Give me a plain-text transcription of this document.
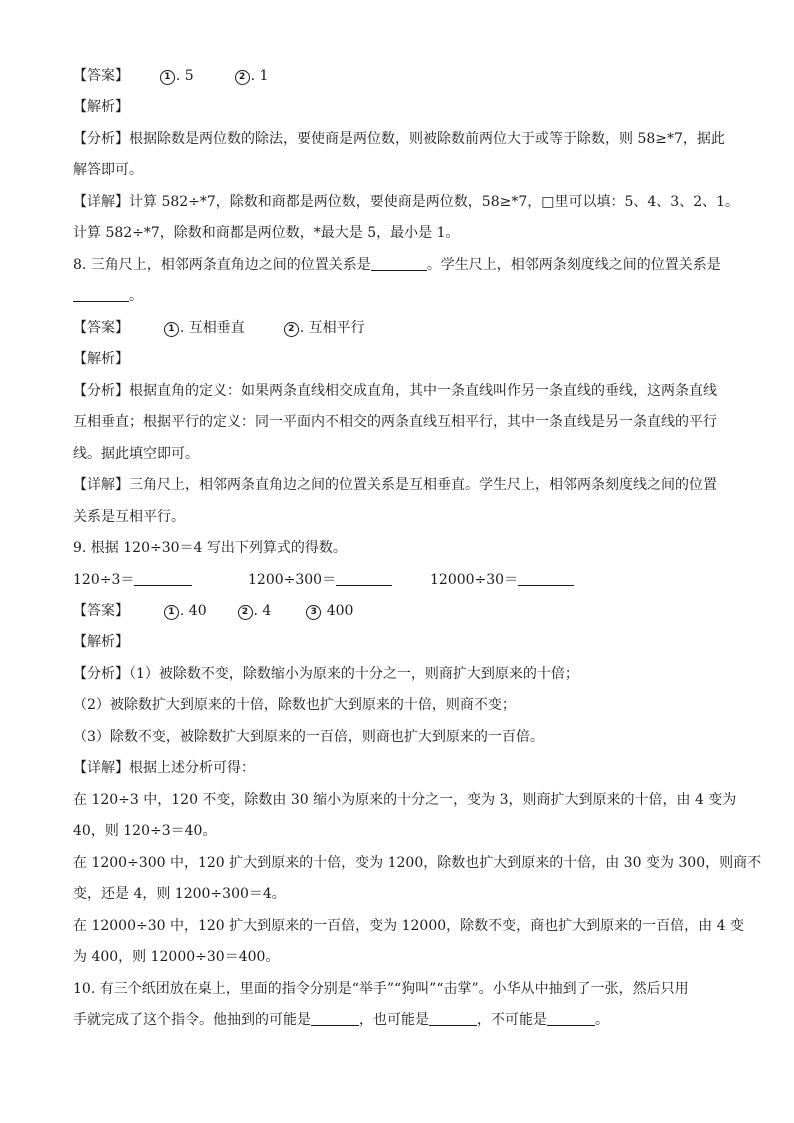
【答案】	1 . 5	2 . 1
【解析】
【分析】根据除数是两位数的除法，要使商是两位数，则被除数前两位大于或等于除数，则 58≥*7，据此
解答即可。
【详解】计算 582÷*7，除数和商都是两位数，要使商是两位数，58≥*7，□里可以填：5、4、3、2、1。
计算 582÷*7，除数和商都是两位数，*最大是 5，最小是 1。
8. 三角尺上，相邻两条直角边之间的位置关系是	。学生尺上，相邻两条刻度线之间的位置关系是
。
【答案】	1 . 互相垂直	2 . 互相平行
【解析】
【分析】根据直角的定义：如果两条直线相交成直角，其中一条直线叫作另一条直线的垂线，这两条直线
互相垂直；根据平行的定义：同一平面内不相交的两条直线互相平行，其中一条直线是另一条直线的平行
线。据此填空即可。
【详解】三角尺上，相邻两条直角边之间的位置关系是互相垂直。学生尺上，相邻两条刻度线之间的位置
关系是互相平行。
9. 根据 120÷30＝4 写出下列算式的得数。
120÷3＝	1200÷300＝	12000÷30＝
【答案】	1 . 40	2 . 4	3 400
【解析】
【分析】（1）被除数不变，除数缩小为原来的十分之一，则商扩大到原来的十倍；
（2）被除数扩大到原来的十倍，除数也扩大到原来的十倍，则商不变；
（3）除数不变，被除数扩大到原来的一百倍，则商也扩大到原来的一百倍。
【详解】根据上述分析可得：
在 120÷3 中，120 不变，除数由 30 缩小为原来的十分之一，变为 3，则商扩大到原来的十倍，由 4 变为
40，则 120÷3＝40。
在 1200÷300 中，120 扩大到原来的十倍，变为 1200，除数也扩大到原来的十倍，由 30 变为 300，则商不
变，还是 4，则 1200÷300＝4。
在 12000÷30 中，120 扩大到原来的一百倍，变为 12000，除数不变，商也扩大到原来的一百倍，由 4 变
为 400，则 12000÷30＝400。
10. 有三个纸团放在桌上，里面的指令分别是“举手”“狗叫”“击掌”。小华从中抽到了一张，然后只用
手就完成了这个指令。他抽到的可能是	，也可能是	，不可能是	。
